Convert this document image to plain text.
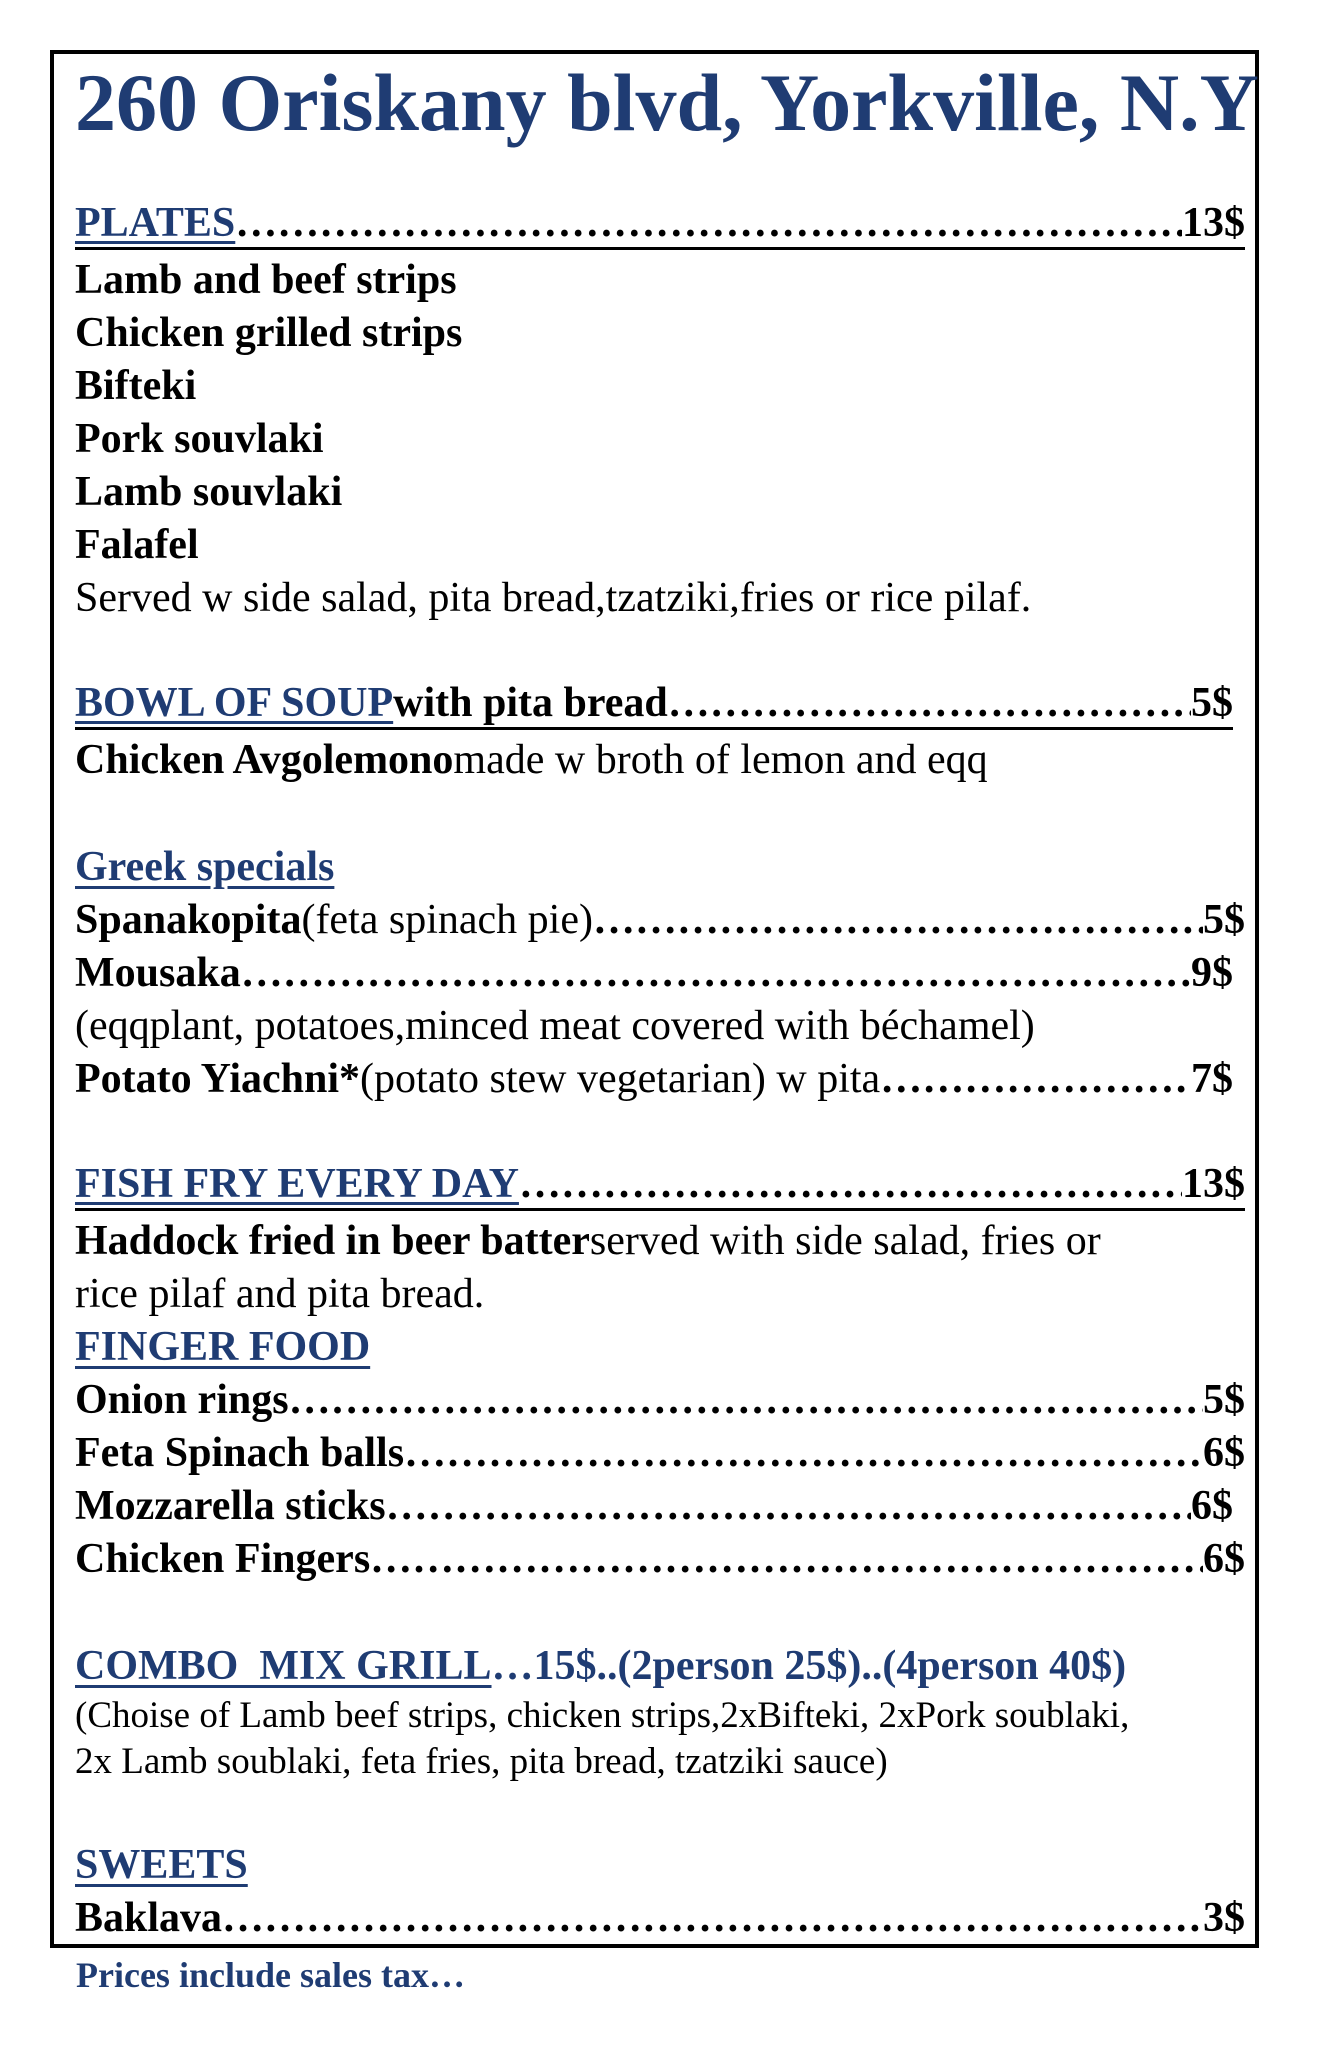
260 Oriskany blvd, Yorkville, N.Y
PLATES …………………………………………………………………………………………………………………………	13$
Lamb and beef strips
Chicken grilled strips
Bifteki
Pork souvlaki
Lamb souvlaki
Falafel
Served w side salad, pita bread,tzatziki,fries or rice pilaf.
BOWL OF SOUP with pita bread …………………………………………………………………………………………………………………………	5$
Chicken Avgolemono made w broth of lemon and eqq
Greek specials
Spanakopita (feta spinach pie) …………………………………………………………………………………………………………………………	5$
Mousaka …………………………………………………………………………………………………………………………	9$
(eqqplant, potatoes,minced meat covered with béchamel)
Potato Yiachni* (potato stew vegetarian) w pita …………………………………………………………………………………………………………………………	7$
FISH FRY EVERY DAY …………………………………………………………………………………………………………………………	13$
Haddock fried in beer batter served with side salad, fries or
rice pilaf and pita bread.
FINGER FOOD
Onion rings …………………………………………………………………………………………………………………………	5$
Feta Spinach balls …………………………………………………………………………………………………………………………	6$
Mozzarella sticks …………………………………………………………………………………………………………………………	6$
Chicken Fingers …………………………………………………………………………………………………………………………	6$
COMBO  MIX GRILL …15$..(2person 25$)..(4person 40$)
(Choise of Lamb beef strips, chicken strips,2xBifteki, 2xPork soublaki,
2x Lamb soublaki, feta fries, pita bread, tzatziki sauce)
SWEETS
Baklava …………………………………………………………………………………………………………………………	3$
Prices include sales tax…
